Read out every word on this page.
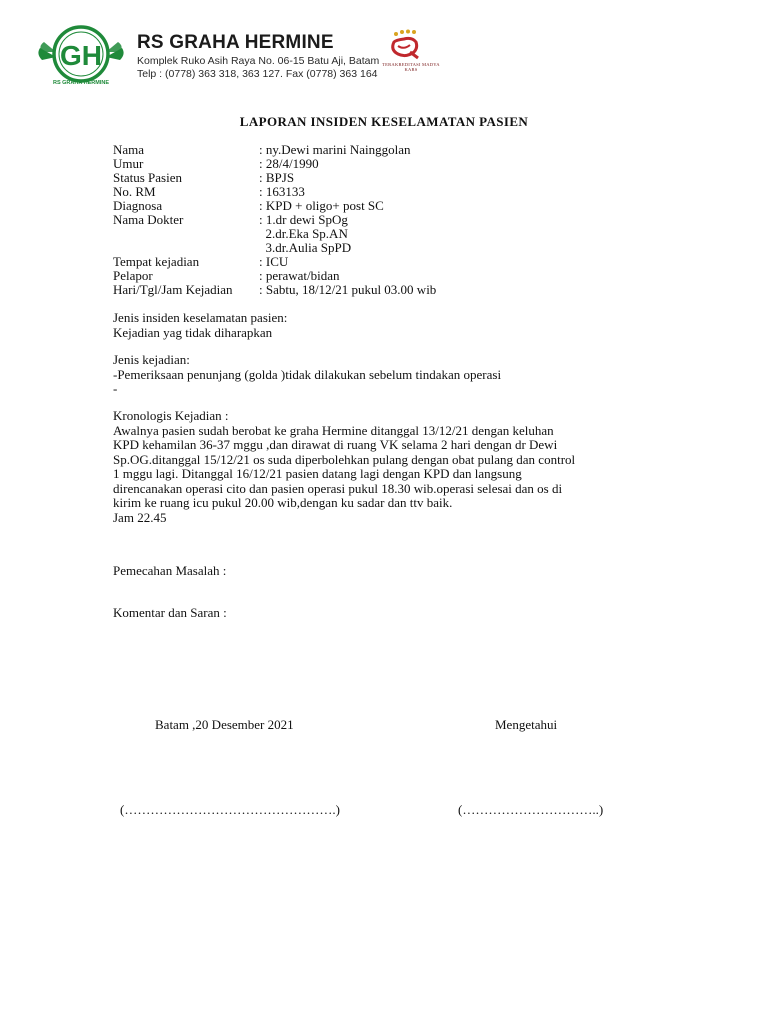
GH
RS GRAHA HERMINE
RS GRAHA HERMINE
Komplek Ruko Asih Raya No. 06-15 Batu Aji, Batam
Telp : (0778) 363 318, 363 127. Fax (0778) 363 164
TERAKREDITASI MADYA KARS
LAPORAN INSIDEN KESELAMATAN PASIEN
Nama	: ny.Dewi marini Nainggolan
Umur	: 28/4/1990
Status Pasien	: BPJS
No. RM	: 163133
Diagnosa	: KPD + oligo+ post SC
Nama Dokter	: 1.dr dewi SpOg
2.dr.Eka Sp.AN
3.dr.Aulia SpPD
Tempat kejadian	: ICU
Pelapor	: perawat/bidan
Hari/Tgl/Jam Kejadian	: Sabtu, 18/12/21 pukul 03.00 wib
Jenis insiden keselamatan pasien:
Kejadian yag tidak diharapkan
Jenis kejadian:
-Pemeriksaan penunjang (golda )tidak dilakukan sebelum tindakan operasi
-
Kronologis Kejadian :
Awalnya pasien sudah berobat ke graha Hermine ditanggal 13/12/21 dengan keluhan
KPD kehamilan 36-37 mggu ,dan dirawat di ruang VK selama 2 hari dengan dr Dewi
Sp.OG.ditanggal 15/12/21 os suda diperbolehkan pulang dengan obat pulang dan control
1 mggu lagi. Ditanggal 16/12/21 pasien datang lagi dengan KPD dan langsung
direncanakan operasi cito dan pasien operasi pukul 18.30 wib.operasi selesai dan os di
kirim ke ruang icu pukul 20.00 wib,dengan ku sadar dan ttv baik.
Jam 22.45
Pemecahan Masalah :
Komentar dan Saran :
Batam ,20 Desember 2021	Mengetahui
(………………………………………….)	(…………………………..)
